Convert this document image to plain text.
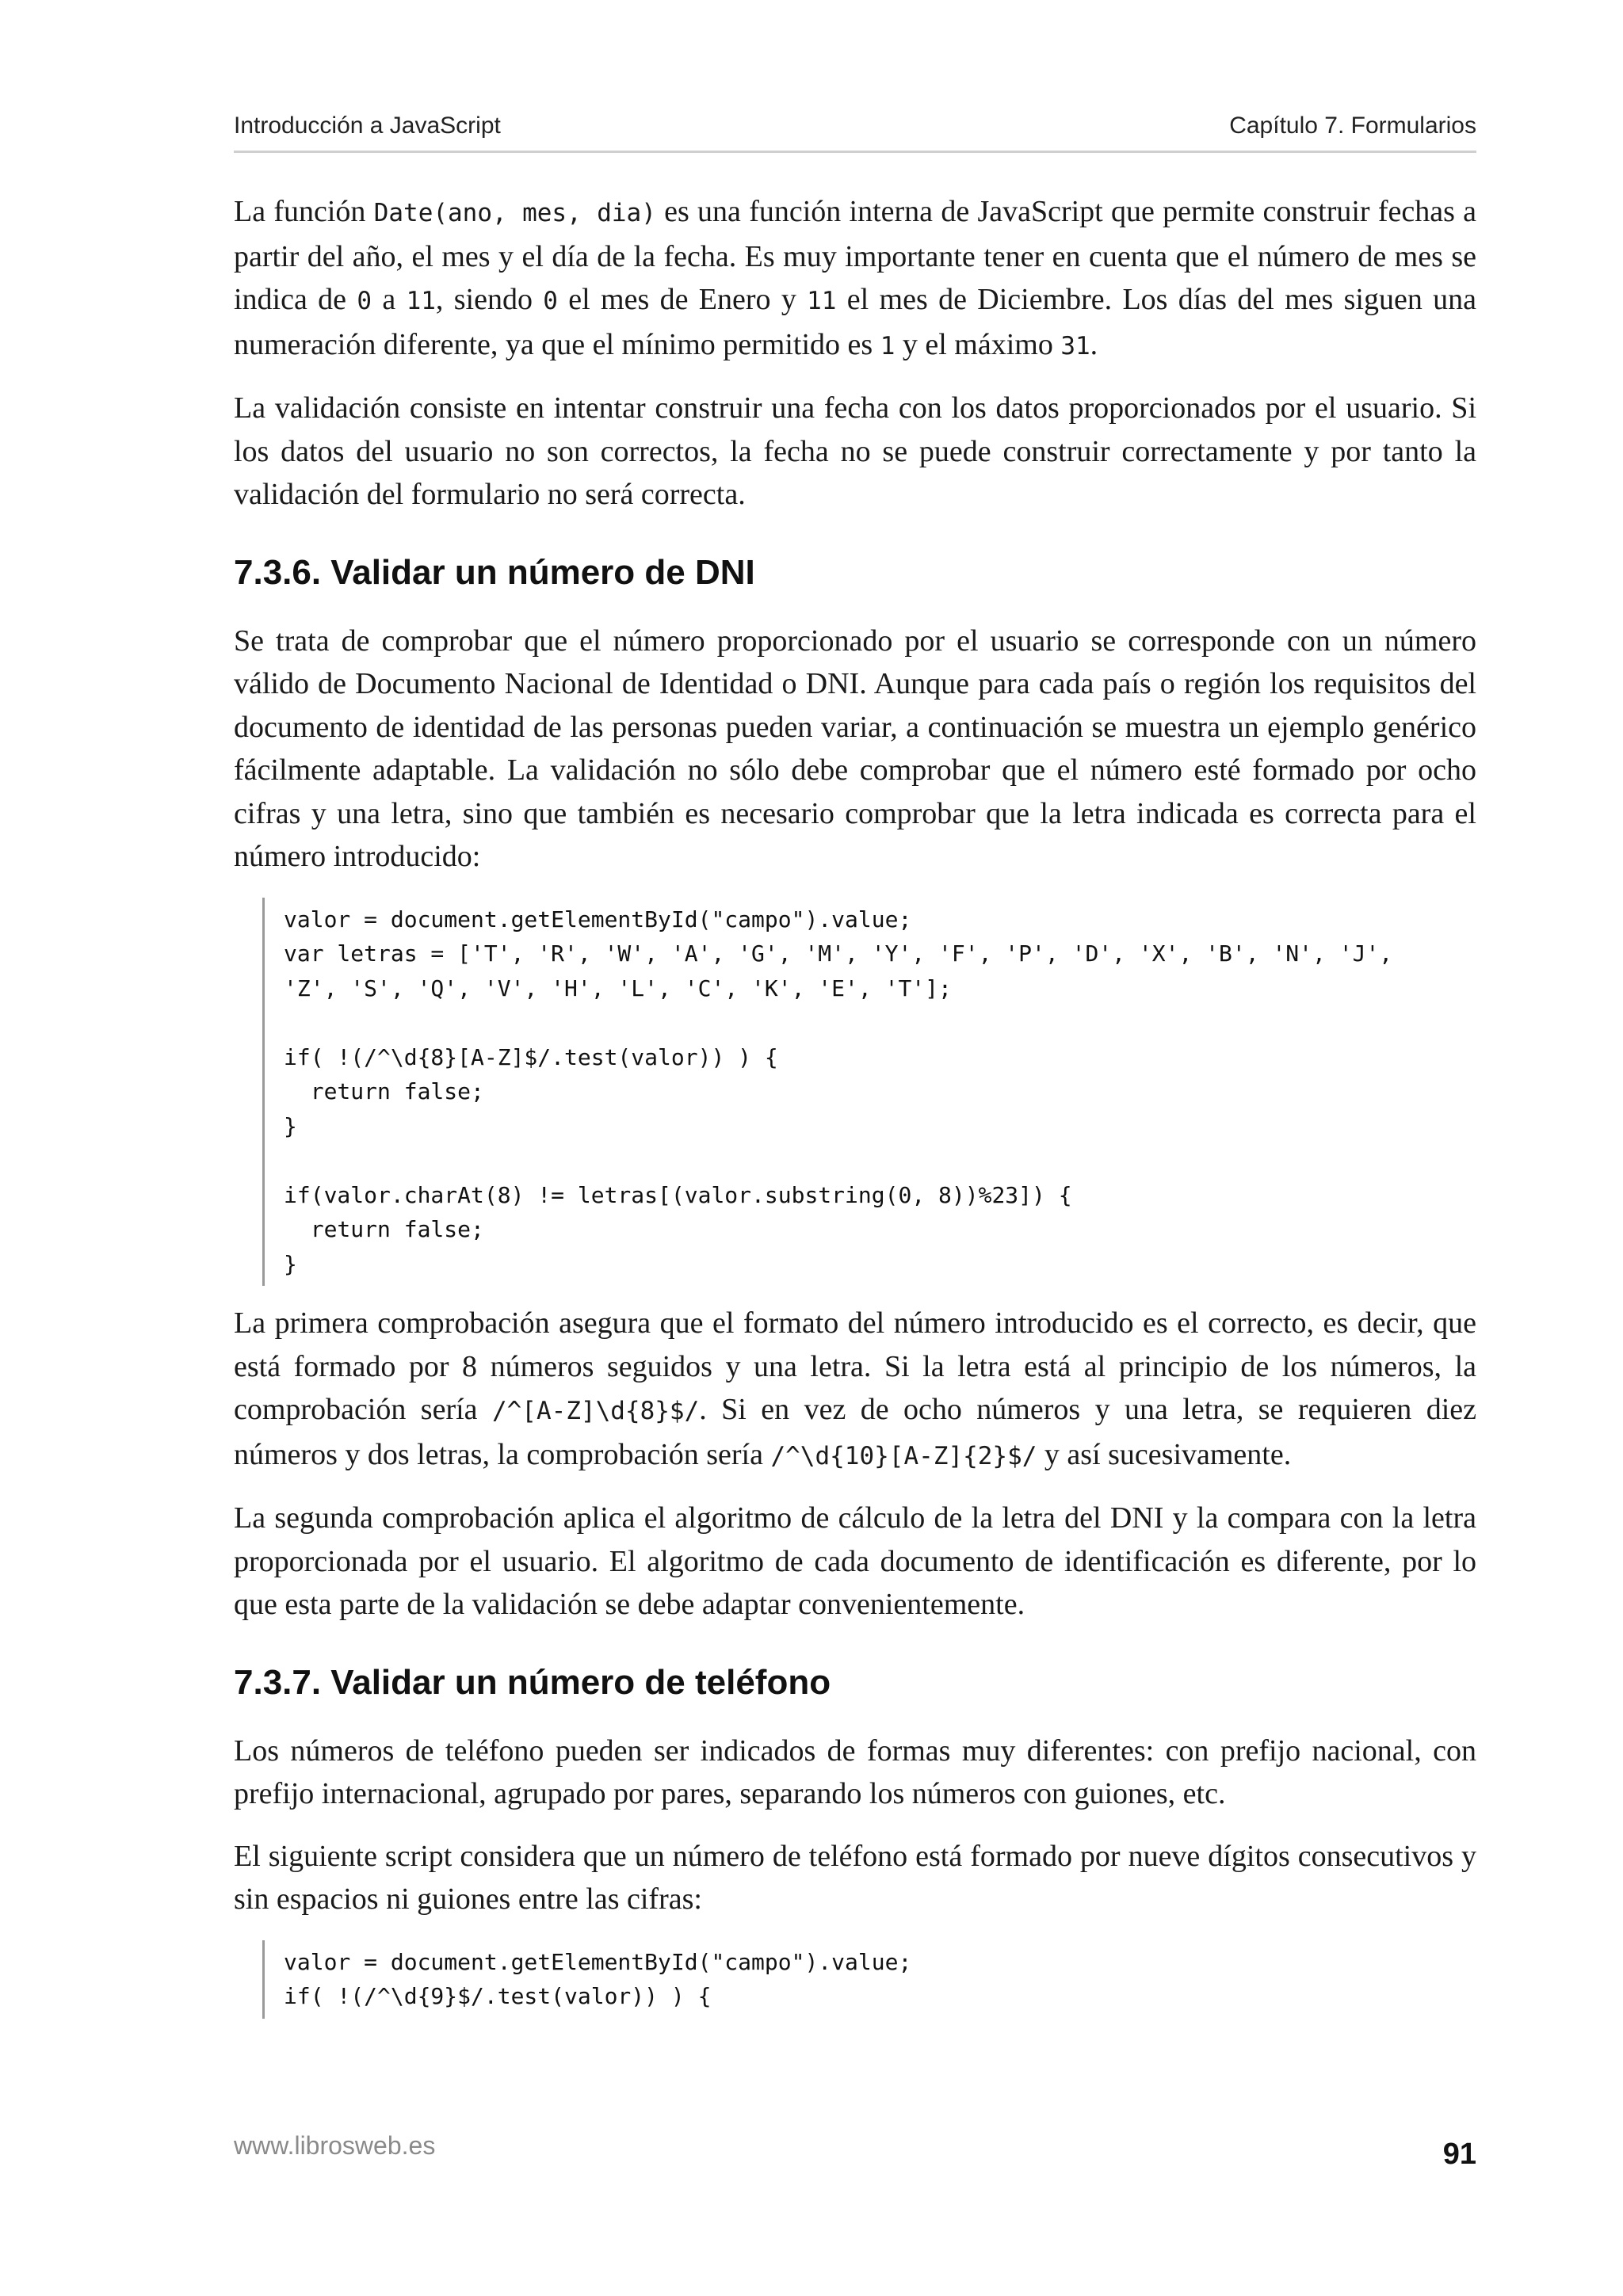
Introducción a JavaScript	Capítulo 7. Formularios

La función Date(ano, mes, dia) es una función interna de JavaScript que permite construir fechas a partir del año, el mes y el día de la fecha. Es muy importante tener en cuenta que el número de mes se indica de 0 a 11, siendo 0 el mes de Enero y 11 el mes de Diciembre. Los días del mes siguen una numeración diferente, ya que el mínimo permitido es 1 y el máximo 31.

La validación consiste en intentar construir una fecha con los datos proporcionados por el usuario. Si los datos del usuario no son correctos, la fecha no se puede construir correctamente y por tanto la validación del formulario no será correcta.

7.3.6. Validar un número de DNI

Se trata de comprobar que el número proporcionado por el usuario se corresponde con un número válido de Documento Nacional de Identidad o DNI. Aunque para cada país o región los requisitos del documento de identidad de las personas pueden variar, a continuación se muestra un ejemplo genérico fácilmente adaptable. La validación no sólo debe comprobar que el número esté formado por ocho cifras y una letra, sino que también es necesario comprobar que la letra indicada es correcta para el número introducido:

valor = document.getElementById("campo").value;
var letras = ['T', 'R', 'W', 'A', 'G', 'M', 'Y', 'F', 'P', 'D', 'X', 'B', 'N', 'J',
'Z', 'S', 'Q', 'V', 'H', 'L', 'C', 'K', 'E', 'T'];

if( !(/^\d{8}[A-Z]$/.test(valor)) ) {
return false;
}

if(valor.charAt(8) != letras[(valor.substring(0, 8))%23]) {
return false;
}

La primera comprobación asegura que el formato del número introducido es el correcto, es decir, que está formado por 8 números seguidos y una letra. Si la letra está al principio de los números, la comprobación sería /^[A-Z]\d{8}$/. Si en vez de ocho números y una letra, se requieren diez números y dos letras, la comprobación sería /^\d{10}[A-Z]{2}$/ y así sucesivamente.

La segunda comprobación aplica el algoritmo de cálculo de la letra del DNI y la compara con la letra proporcionada por el usuario. El algoritmo de cada documento de identificación es diferente, por lo que esta parte de la validación se debe adaptar convenientemente.

7.3.7. Validar un número de teléfono

Los números de teléfono pueden ser indicados de formas muy diferentes: con prefijo nacional, con prefijo internacional, agrupado por pares, separando los números con guiones, etc.

El siguiente script considera que un número de teléfono está formado por nueve dígitos consecutivos y sin espacios ni guiones entre las cifras:

valor = document.getElementById("campo").value;
if( !(/^\d{9}$/.test(valor)) ) {
www.librosweb.es	91
